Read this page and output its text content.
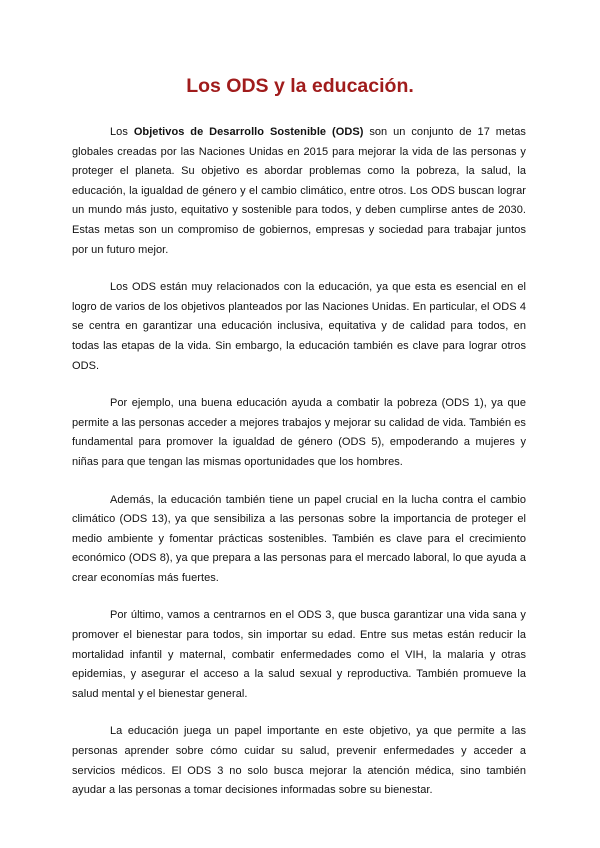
Los ODS y la educación.

Los Objetivos de Desarrollo Sostenible (ODS) son un conjunto de 17 metas globales creadas por las Naciones Unidas en 2015 para mejorar la vida de las personas y proteger el planeta. Su objetivo es abordar problemas como la pobreza, la salud, la educación, la igualdad de género y el cambio climático, entre otros. Los ODS buscan lograr un mundo más justo, equitativo y sostenible para todos, y deben cumplirse antes de 2030. Estas metas son un compromiso de gobiernos, empresas y sociedad para trabajar juntos por un futuro mejor.

Los ODS están muy relacionados con la educación, ya que esta es esencial en el logro de varios de los objetivos planteados por las Naciones Unidas. En particular, el ODS 4 se centra en garantizar una educación inclusiva, equitativa y de calidad para todos, en todas las etapas de la vida. Sin embargo, la educación también es clave para lograr otros ODS.

Por ejemplo, una buena educación ayuda a combatir la pobreza (ODS 1), ya que permite a las personas acceder a mejores trabajos y mejorar su calidad de vida. También es fundamental para promover la igualdad de género (ODS 5), empoderando a mujeres y niñas para que tengan las mismas oportunidades que los hombres.

Además, la educación también tiene un papel crucial en la lucha contra el cambio climático (ODS 13), ya que sensibiliza a las personas sobre la importancia de proteger el medio ambiente y fomentar prácticas sostenibles. También es clave para el crecimiento económico (ODS 8), ya que prepara a las personas para el mercado laboral, lo que ayuda a crear economías más fuertes.

Por último, vamos a centrarnos en el ODS 3, que busca garantizar una vida sana y promover el bienestar para todos, sin importar su edad. Entre sus metas están reducir la mortalidad infantil y maternal, combatir enfermedades como el VIH, la malaria y otras epidemias, y asegurar el acceso a la salud sexual y reproductiva. También promueve la salud mental y el bienestar general.

La educación juega un papel importante en este objetivo, ya que permite a las personas aprender sobre cómo cuidar su salud, prevenir enfermedades y acceder a servicios médicos. El ODS 3 no solo busca mejorar la atención médica, sino también ayudar a las personas a tomar decisiones informadas sobre su bienestar.
